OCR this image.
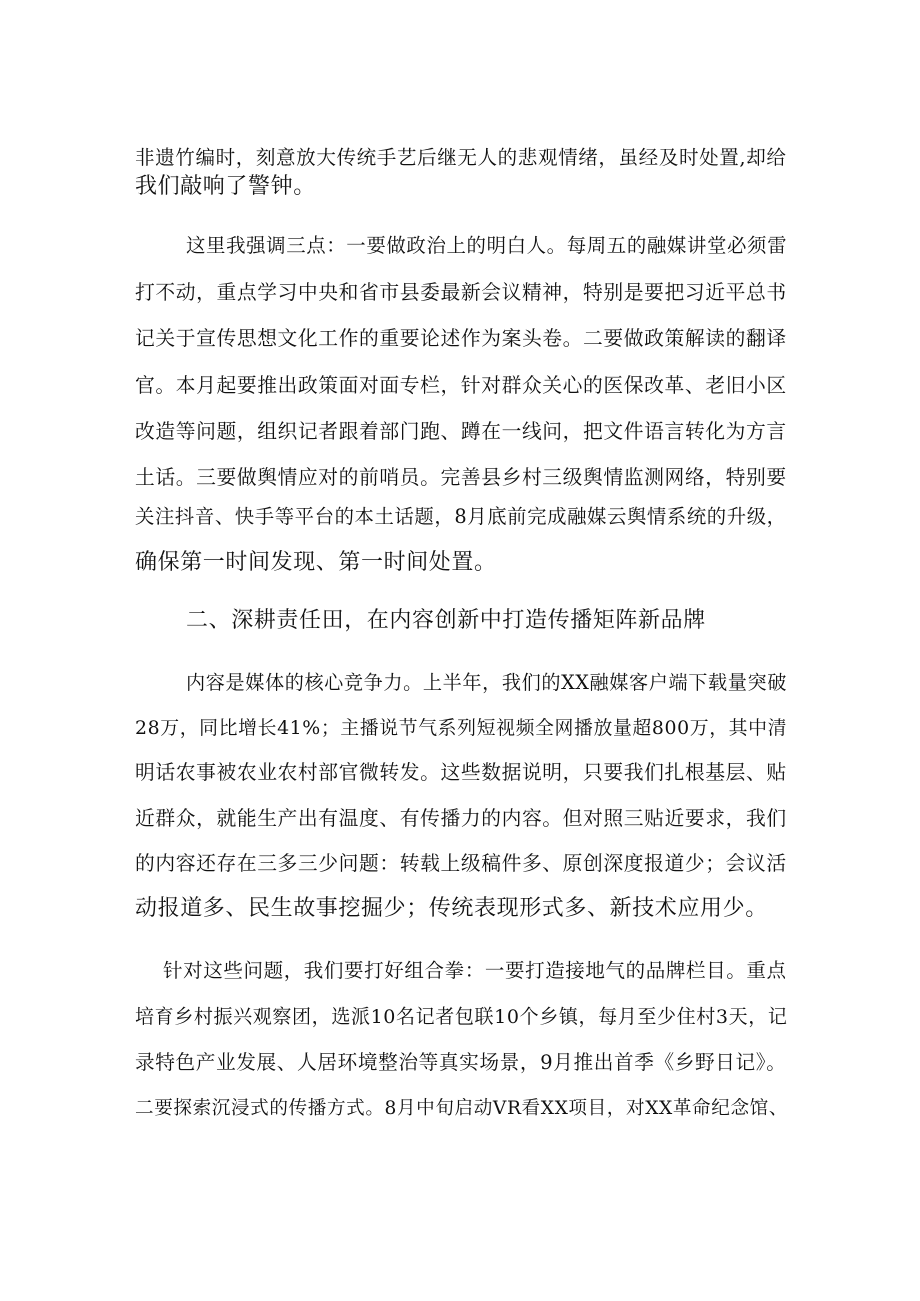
非遗竹编时，刻意放大传统手艺后继无人的悲观情绪，虽经及时处置,却给
我们敲响了警钟。
这里我强调三点：一要做政治上的明白人。每周五的融媒讲堂必须雷
打不动，重点学习中央和省市县委最新会议精神，特别是要把习近平总书
记关于宣传思想文化工作的重要论述作为案头卷。二要做政策解读的翻译
官。本月起要推出政策面对面专栏，针对群众关心的医保改革、老旧小区
改造等问题，组织记者跟着部门跑、蹲在一线问，把文件语言转化为方言
土话。三要做舆情应对的前哨员。完善县乡村三级舆情监测网络，特别要
关注抖音、快手等平台的本土话题，8月底前完成融媒云舆情系统的升级，
确保第一时间发现、第一时间处置。
二、深耕责任田，在内容创新中打造传播矩阵新品牌
内容是媒体的核心竞争力。上半年，我们的XX融媒客户端下载量突破
28万，同比增长41%；主播说节气系列短视频全网播放量超800万，其中清
明话农事被农业农村部官微转发。这些数据说明，只要我们扎根基层、贴
近群众，就能生产出有温度、有传播力的内容。但对照三贴近要求，我们
的内容还存在三多三少问题：转载上级稿件多、原创深度报道少；会议活
动报道多、民生故事挖掘少；传统表现形式多、新技术应用少。
针对这些问题，我们要打好组合拳：一要打造接地气的品牌栏目。重点
培育乡村振兴观察团，选派10名记者包联10个乡镇，每月至少住村3天，记
录特色产业发展、人居环境整治等真实场景，9月推出首季《乡野日记》。
二要探索沉浸式的传播方式。8月中旬启动VR看XX项目，对XX革命纪念馆、
